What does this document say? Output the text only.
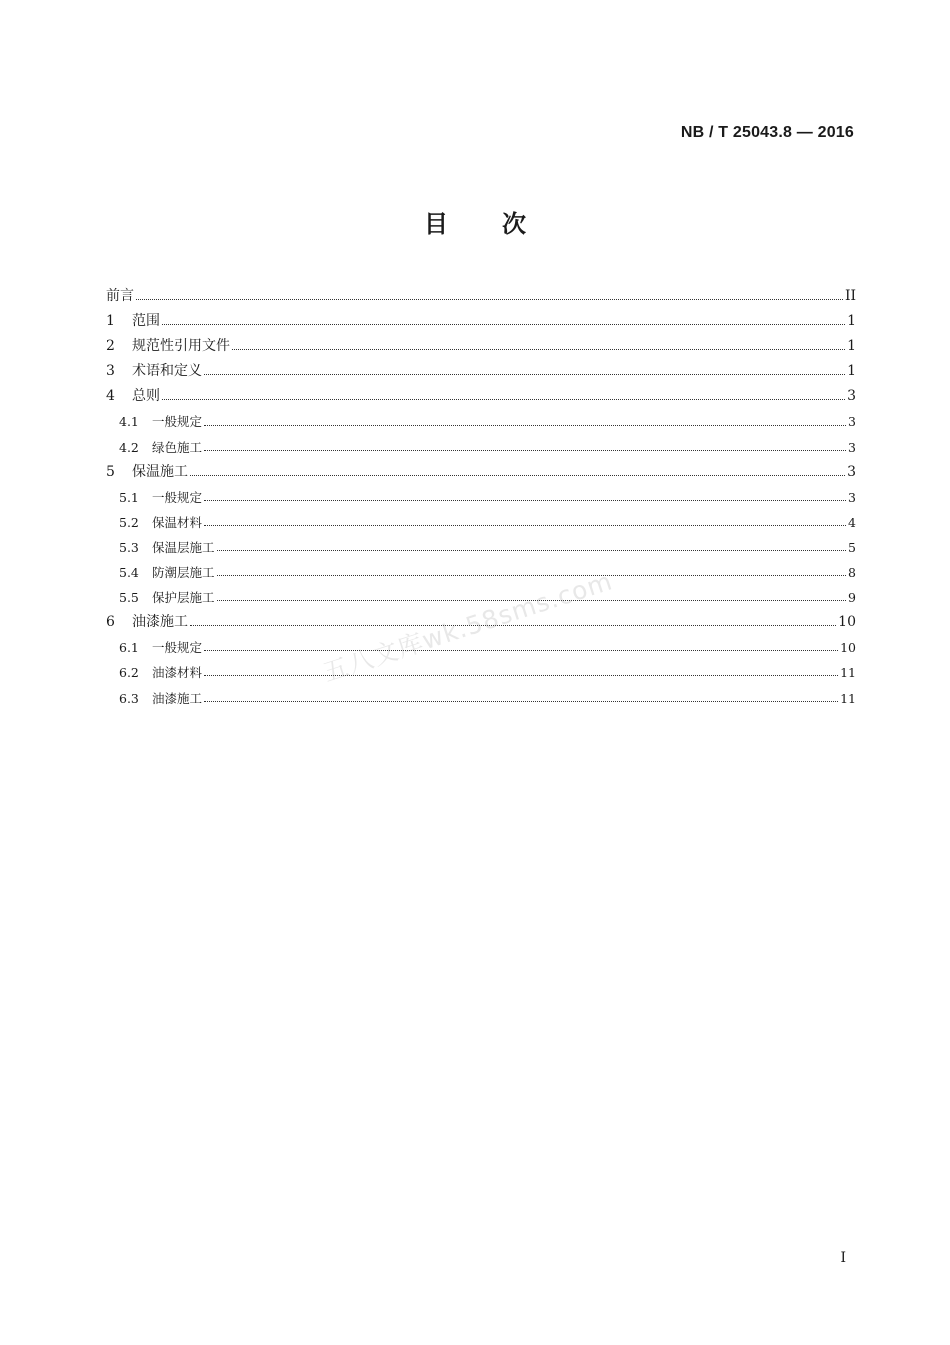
NB / T 25043.8 — 2016
目 次
前言	II
1	范围	1
2	规范性引用文件	1
3	术语和定义	1
4	总则	3
4.1	一般规定	3
4.2	绿色施工	3
5	保温施工	3
5.1	一般规定	3
5.2	保温材料	4
5.3	保温层施工	5
5.4	防潮层施工	8
5.5	保护层施工	9
6	油漆施工	10
6.1	一般规定	10
6.2	油漆材料	11
6.3	油漆施工	11
五八文库wk.58sms.com
I
